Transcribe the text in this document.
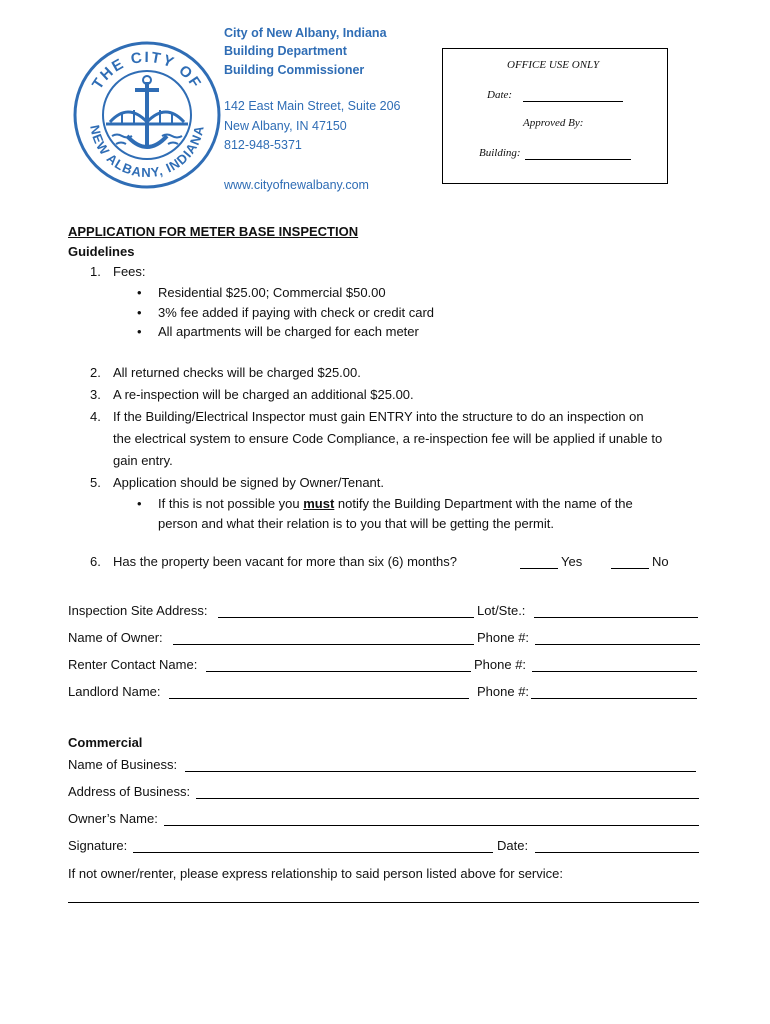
THE CITY OF
NEW ALBANY, INDIANA
City of New Albany, Indiana
Building Department
Building Commissioner
142 East Main Street, Suite 206
New Albany, IN 47150
812-948-5371
www.cityofnewalbany.com
OFFICE USE ONLY
Date:
Approved By:
Building:
APPLICATION FOR METER BASE INSPECTION
Guidelines
1. Fees:
• Residential $25.00; Commercial $50.00
• 3% fee added if paying with check or credit card
• All apartments will be charged for each meter
2. All returned checks will be charged $25.00.
3. A re-inspection will be charged an additional $25.00.
4. If the Building/Electrical Inspector must gain ENTRY into the structure to do an inspection on
the electrical system to ensure Code Compliance, a re-inspection fee will be applied if unable to
gain entry.
5. Application should be signed by Owner/Tenant.
• If this is not possible you must notify the Building Department with the name of the
person and what their relation is to you that will be getting the permit.
6. Has the property been vacant for more than six (6) months?	Yes	No
Inspection Site Address:	Lot/Ste.:
Name of Owner:	Phone #:
Renter Contact Name:	Phone #:
Landlord Name:	Phone #:
Commercial
Name of Business:
Address of Business:
Owner’s Name:
Signature:	Date:
If not owner/renter, please express relationship to said person listed above for service:
